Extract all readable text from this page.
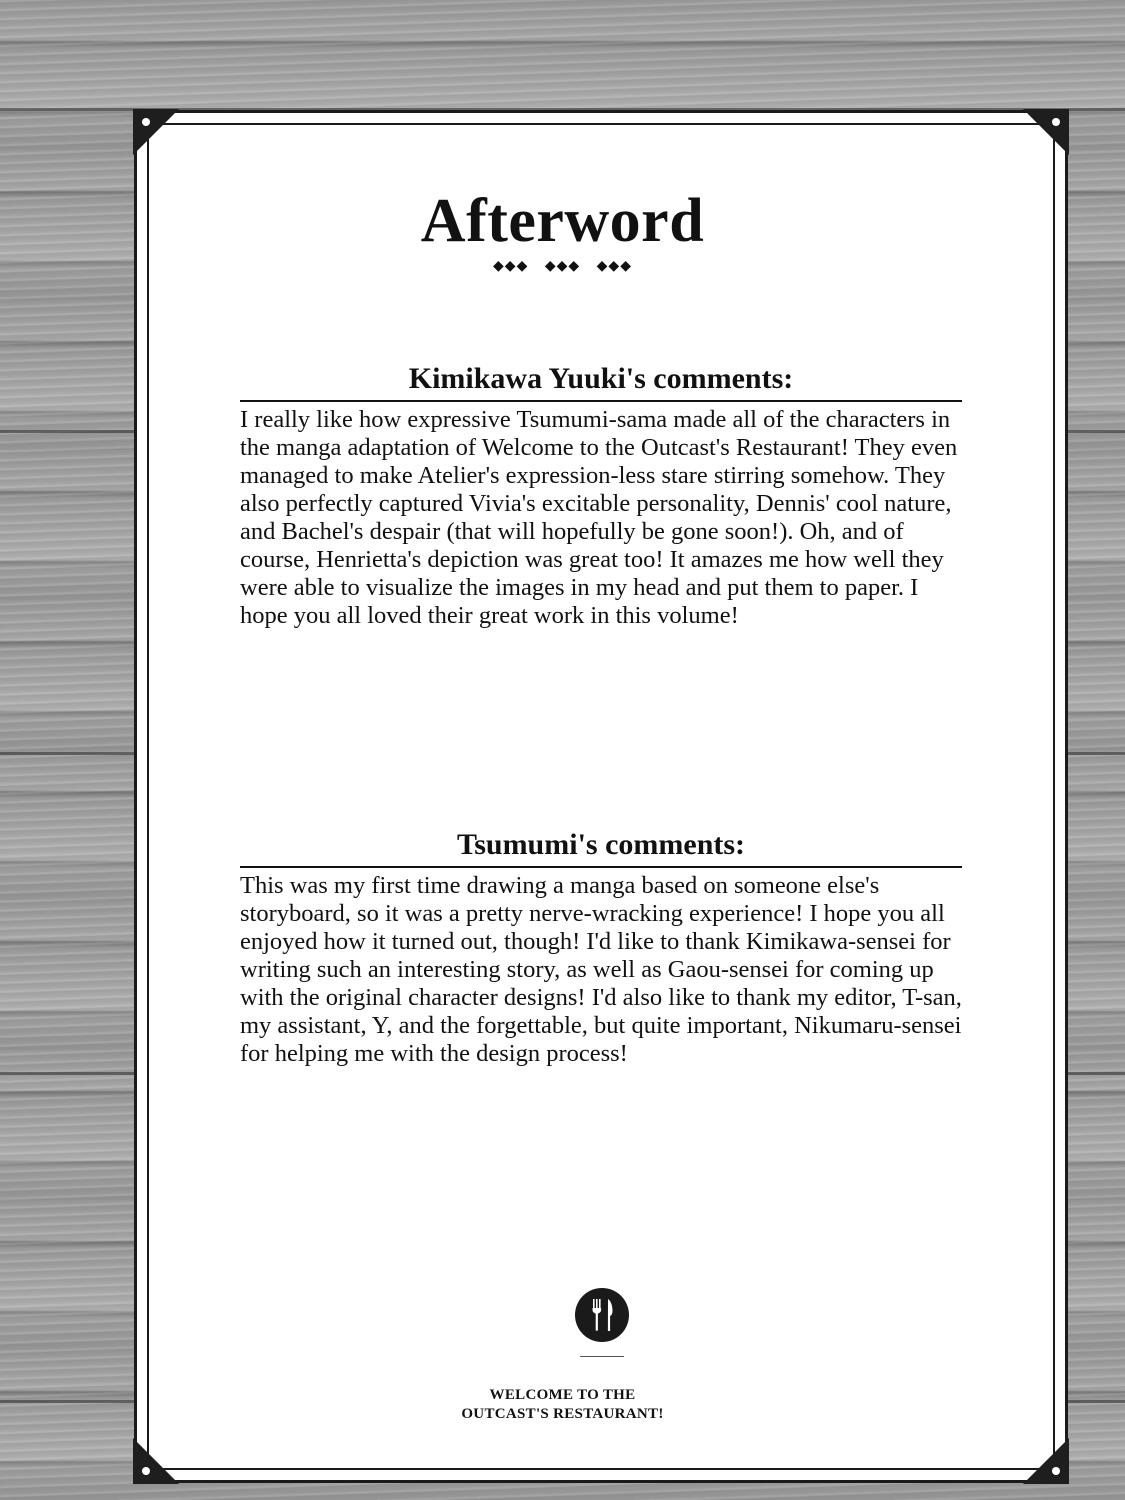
Afterword
◆◆◆ ◆◆◆ ◆◆◆
Kimikawa Yuuki's comments:

I really like how expressive Tsumumi-sama made all of the characters in the manga adaptation of Welcome to the Outcast's Restaurant! They even managed to make Atelier's expression-less stare stirring somehow. They also perfectly captured Vivia's excitable personality, Dennis' cool nature, and Bachel's despair (that will hopefully be gone soon!). Oh, and of course, Henrietta's depiction was great too! It amazes me how well they were able to visualize the images in my head and put them to paper. I hope you all loved their great work in this volume!

Tsumumi's comments:

This was my first time drawing a manga based on someone else's storyboard, so it was a pretty nerve-wracking experience! I hope you all enjoyed how it turned out, though! I'd like to thank Kimikawa-sensei for writing such an interesting story, as well as Gaou-sensei for coming up with the original character designs! I'd also like to thank my editor, T-san, my assistant, Y, and the forgettable, but quite important, Nikumaru-sensei for helping me with the design process!

WELCOME TO THE
OUTCAST'S RESTAURANT!
